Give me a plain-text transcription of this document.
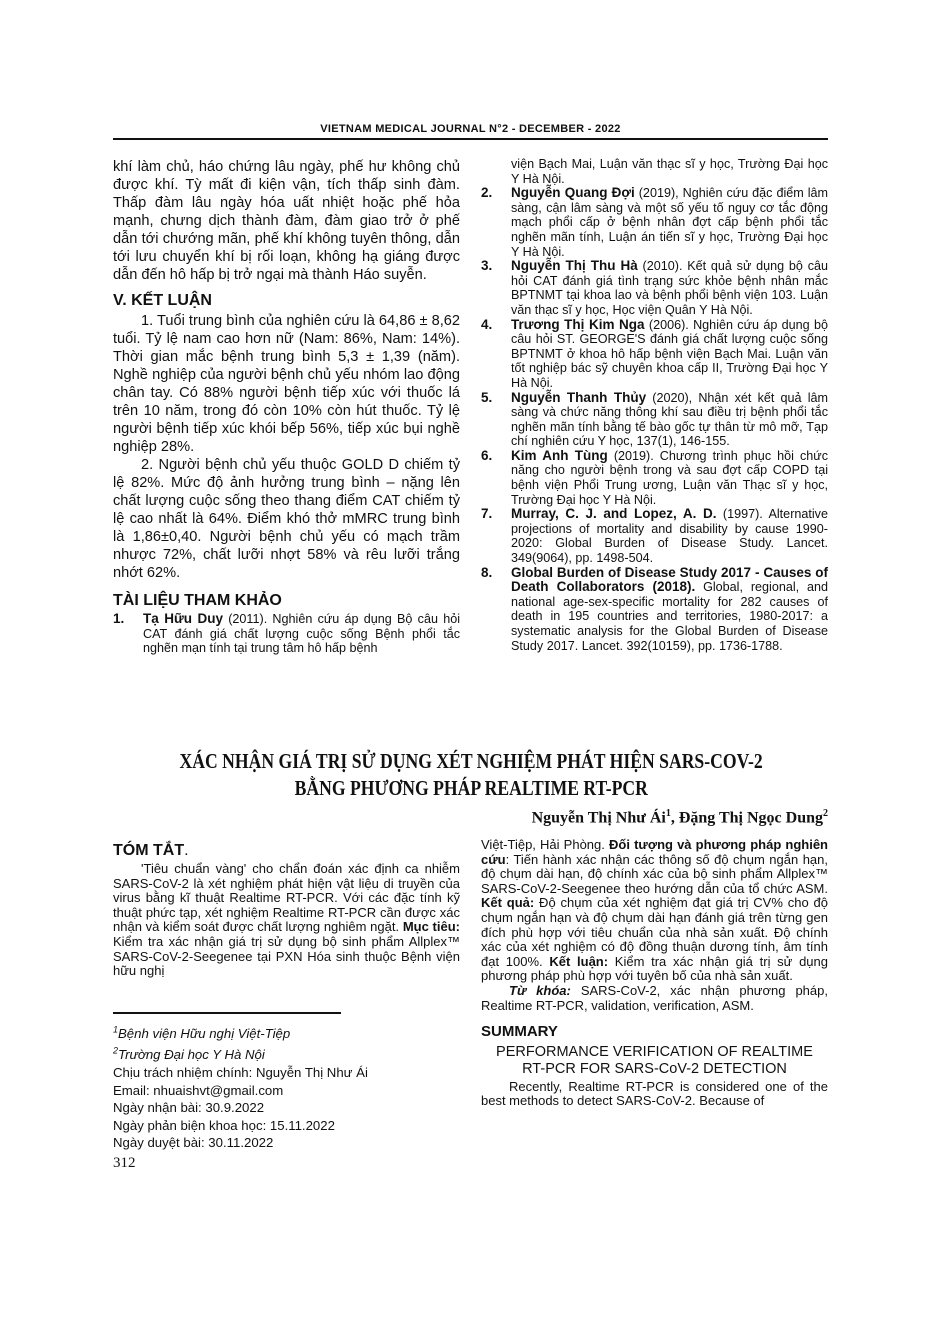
VIETNAM MEDICAL JOURNAL N°2 - DECEMBER - 2022

khí làm chủ, háo chứng lâu ngày, phế hư không chủ được khí. Tỳ mất đi kiện vận, tích thấp sinh đàm. Thấp đàm lâu ngày hóa uất nhiệt hoặc phế hỏa mạnh, chưng dịch thành đàm, đàm giao trở ở phế dẫn tới chướng mãn, phế khí không tuyên thông, dẫn tới lưu chuyển khí bị rối loạn, không hạ giáng được dẫn đến hô hấp bị trở ngại mà thành Háo suyễn.

V. KẾT LUẬN

1. Tuổi trung bình của nghiên cứu là 64,86 ± 8,62 tuổi. Tỷ lệ nam cao hơn nữ (Nam: 86%, Nam: 14%). Thời gian mắc bệnh trung bình 5,3 ± 1,39 (năm). Nghề nghiệp của người bệnh chủ yếu nhóm lao động chân tay. Có 88% người bệnh tiếp xúc với thuốc lá trên 10 năm, trong đó còn 10% còn hút thuốc. Tỷ lệ người bệnh tiếp xúc khói bếp 56%, tiếp xúc bụi nghề nghiệp 28%.

2. Người bệnh chủ yếu thuộc GOLD D chiếm tỷ lệ 82%. Mức độ ảnh hưởng trung bình – nặng lên chất lượng cuộc sống theo thang điểm CAT chiếm tỷ lệ cao nhất là 64%. Điểm khó thở mMRC trung bình là 1,86±0,40. Người bệnh chủ yếu có mạch trầm nhược 72%, chất lưỡi nhợt 58% và rêu lưỡi trắng nhớt 62%.

TÀI LIỆU THAM KHẢO
1. Tạ Hữu Duy (2011). Nghiên cứu áp dụng Bộ câu hỏi CAT đánh giá chất lượng cuộc sống Bệnh phổi tắc nghẽn mạn tính tại trung tâm hô hấp bệnh
viện Bạch Mai, Luận văn thạc sĩ y học, Trường Đại học Y Hà Nội.
2. Nguyễn Quang Đợi (2019), Nghiên cứu đặc điểm lâm sàng, cận lâm sàng và một số yếu tố nguy cơ tắc động mạch phổi cấp ở bệnh nhân đợt cấp bệnh phổi tắc nghẽn mãn tính, Luận án tiến sĩ y học, Trường Đại học Y Hà Nội.
3. Nguyễn Thị Thu Hà (2010). Kết quả sử dụng bộ câu hỏi CAT đánh giá tình trạng sức khỏe bệnh nhân mắc BPTNMT tại khoa lao và bệnh phổi bệnh viện 103. Luận văn thạc sĩ y học, Học viện Quân Y Hà Nội.
4. Trương Thị Kim Nga (2006). Nghiên cứu áp dụng bộ câu hỏi ST. GEORGE'S đánh giá chất lượng cuộc sống BPTNMT ở khoa hô hấp bệnh viện Bạch Mai. Luận văn tốt nghiệp bác sỹ chuyên khoa cấp II, Trường Đại học Y Hà Nội.
5. Nguyễn Thanh Thủy (2020), Nhận xét kết quả lâm sàng và chức năng thông khí sau điều trị bệnh phổi tắc nghẽn mãn tính bằng tế bào gốc tự thân từ mô mỡ, Tạp chí nghiên cứu Y học, 137(1), 146-155.
6. Kim Anh Tùng (2019). Chương trình phục hồi chức năng cho người bệnh trong và sau đợt cấp COPD tại bệnh viện Phổi Trung ương, Luận văn Thạc sĩ y học, Trường Đại học Y Hà Nội.
7. Murray, C. J. and Lopez, A. D. (1997). Alternative projections of mortality and disability by cause 1990-2020: Global Burden of Disease Study. Lancet. 349(9064), pp. 1498-504.
8. Global Burden of Disease Study 2017 - Causes of Death Collaborators (2018). Global, regional, and national age-sex-specific mortality for 282 causes of death in 195 countries and territories, 1980-2017: a systematic analysis for the Global Burden of Disease Study 2017. Lancet. 392(10159), pp. 1736-1788.
XÁC NHẬN GIÁ TRỊ SỬ DỤNG XÉT NGHIỆM PHÁT HIỆN SARS-COV-2
BẰNG PHƯƠNG PHÁP REALTIME RT-PCR
Nguyễn Thị Như $Ái^1$, Đặng Thị Ngọc Dung$^2$
TÓM TẮT.

'Tiêu chuẩn vàng' cho chẩn đoán xác định ca nhiễm SARS-CoV-2 là xét nghiệm phát hiện vật liệu di truyền của virus bằng kĩ thuật Realtime RT-PCR. Với các đặc tính kỹ thuật phức tạp, xét nghiệm Realtime RT-PCR cần được xác nhận và kiểm soát được chất lượng nghiêm ngặt. Mục tiêu: Kiểm tra xác nhận giá trị sử dụng bộ sinh phẩm Allplex™ SARS-CoV-2-Seegenee tại PXN Hóa sinh thuộc Bệnh viện hữu nghị

Việt-Tiệp, Hải Phòng. Đối tượng và phương pháp nghiên cứu: Tiến hành xác nhận các thông số độ chụm ngắn hạn, độ chụm dài hạn, độ chính xác của bộ sinh phẩm Allplex™ SARS-CoV-2-Seegenee theo hướng dẫn của tổ chức ASM. Kết quả: Độ chụm của xét nghiệm đạt giá trị CV% cho độ chụm ngắn hạn và độ chụm dài hạn đánh giá trên từng gen đích phù hợp với tiêu chuẩn của nhà sản xuất. Độ chính xác của xét nghiệm có độ đồng thuận dương tính, âm tính đạt 100%. Kết luận: Kiểm tra xác nhận giá trị sử dụng phương pháp phù hợp với tuyên bố của nhà sản xuất.

Từ khóa: SARS-CoV-2, xác nhận phương pháp, Realtime RT-PCR, validation, verification, ASM.

SUMMARY
PERFORMANCE VERIFICATION OF REALTIME
RT-PCR FOR SARS-CoV-2 DETECTION

Recently, Realtime RT-PCR is considered one of the best methods to detect SARS-CoV-2. Because of

$^1$Bệnh viện Hữu nghị Việt-Tiệp
$^2$Trường Đại học Y Hà Nội
Chịu trách nhiệm chính: Nguyễn Thị Như Ái
Email: nhuaishvt@gmail.com
Ngày nhận bài: 30.9.2022
Ngày phản biện khoa học: 15.11.2022
Ngày duyệt bài: 30.11.2022
312
